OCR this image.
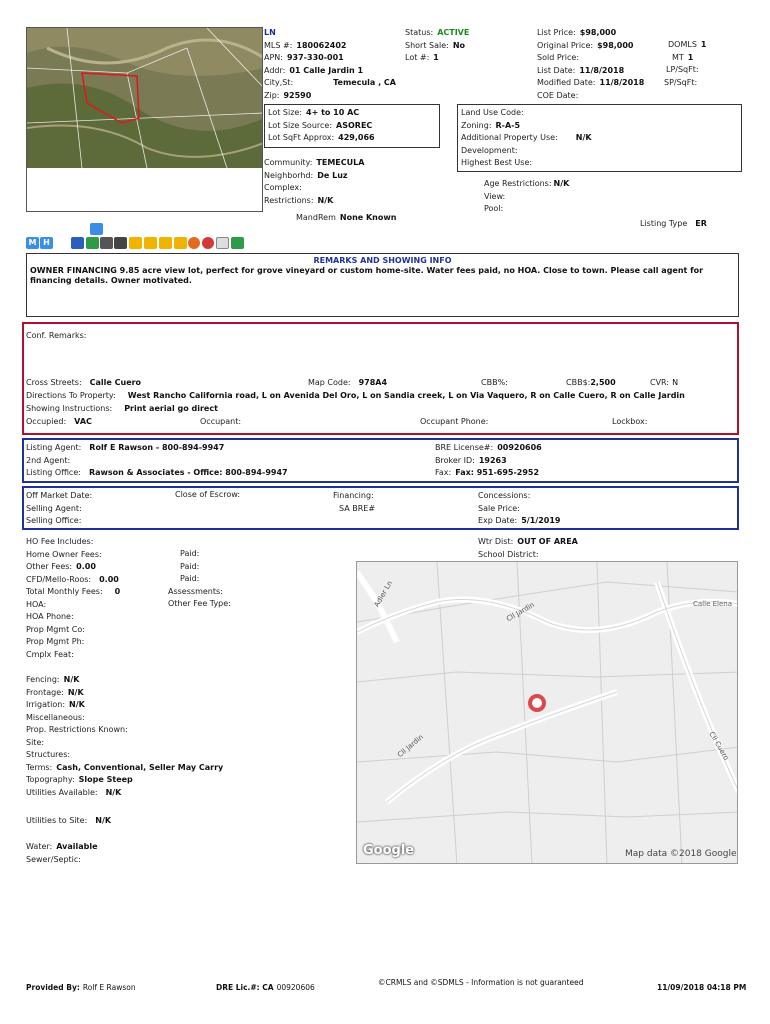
LN
MLS #: 180062402
APN: 937-330-001
Addr: 01 Calle Jardin 1
City,St:	Temecula , CA
Zip: 92590
Status: ACTIVE
Short Sale: No
Lot #: 1
List Price: $98,000
Original Price: $98,000
Sold Price:
List Date: 11/8/2018
Modified Date: 11/8/2018
COE Date:
DOMLS 1
MT 1
LP/SqFt:
SP/SqFt:
Lot Size: 4+ to 10 AC
Lot Size Source: ASOREC
Lot SqFt Approx: 429,066
Land Use Code:
Zoning: R-A-5
Additional Property Use: N/K
Development:
Highest Best Use:
Community: TEMECULA
Neighborhd: De Luz
Complex:
Restrictions: N/K
MandRem None Known
Age Restrictions: N/K
View:
Pool:
Listing Type ER
M H
REMARKS AND SHOWING INFO
OWNER FINANCING 9.85 acre view lot, perfect for grove vineyard or custom home-site. Water fees paid, no HOA. Close to town. Please call agent for financing details. Owner motivated.
Conf. Remarks:
Cross Streets: Calle Cuero	Map Code: 978A4	CBB%:	CBB$:2,500	CVR: N
Directions To Property: West Rancho California road, L on Avenida Del Oro, L on Sandia creek, L on Via Vaquero, R on Calle Cuero, R on Calle Jardin
Showing Instructions: Print aerial go direct
Occupied: VAC	Occupant:	Occupant Phone:	Lockbox:
Listing Agent: Rolf E Rawson - 800-894-9947
2nd Agent:
Listing Office: Rawson & Associates - Office: 800-894-9947
BRE License#: 00920606
Broker ID: 19263
Fax: Fax: 951-695-2952
Off Market Date:
Selling Agent:
Selling Office:
Close of Escrow:	Financing:
SA BRE#
Concessions:
Sale Price:
Exp Date: 5/1/2019
HO Fee Includes:
Home Owner Fees:
Other Fees: 0.00
CFD/Mello-Roos: 0.00
Total Monthly Fees: 0
HOA:
HOA Phone:
Prop Mgmt Co:
Prop Mgmt Ph:
Cmplx Feat:
Paid:
Paid:
Paid:
Assessments:
Other Fee Type:
Wtr Dist: OUT OF AREA
School District:
Fencing: N/K
Frontage: N/K
Irrigation: N/K
Miscellaneous:
Prop. Restrictions Known:
Site:
Structures:
Terms: Cash, Conventional, Seller May Carry
Topography: Slope Steep
Utilities Available: N/K
Utilities to Site: N/K
Water: Available
Sewer/Septic:
Adler Ln
Cll Jardin	Calle Elena
Cll Jardin	Cll Cuero
Google	Map data ©2018 Google
Provided By: Rolf E Rawson	DRE Lic.#: CA 00920606
©CRMLS and ©SDMLS - Information is not guaranteed
11/09/2018 04:18 PM
